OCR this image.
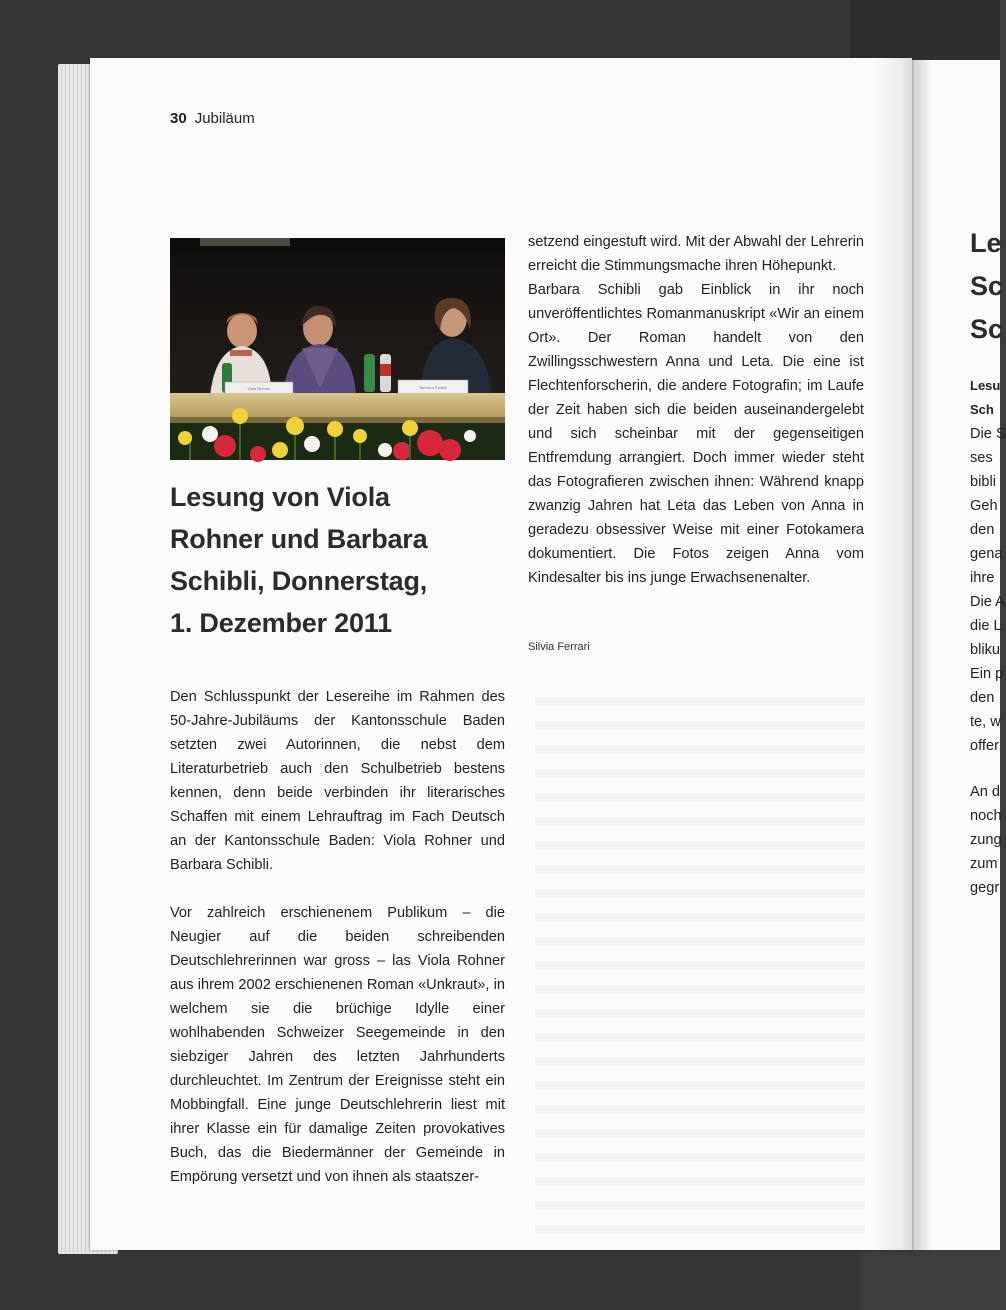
Le
Sc
Sc
Lesu
Sch
Die S
ses
bibli
Geh
den
gena
ihre
Die A
die L
bliku
Ein p
den
te, w
offer
An d
noch
zung
zum
gegr
30 Jubiläum
Viola Rohner	Barbara Schibli
Lesung von Viola
Rohner und Barbara
Schibli, Donnerstag,
1. Dezember 2011

Den Schlusspunkt der Lesereihe im Rahmen des 50-Jahre-Jubiläums der Kantonsschule Baden setzten zwei Autorinnen, die nebst dem Literaturbetrieb auch den Schulbetrieb bestens kennen, denn beide verbinden ihr literarisches Schaffen mit einem Lehrauftrag im Fach Deutsch an der Kantonsschule Baden: Viola Rohner und Barbara Schibli.

Vor zahlreich erschienenem Publikum – die Neugier auf die beiden schreibenden Deutschlehrerinnen war gross – las Viola Rohner aus ihrem 2002 erschienenen Roman «Unkraut», in welchem sie die brüchige Idylle einer wohlhabenden Schweizer Seegemeinde in den siebziger Jahren des letzten Jahrhunderts durchleuchtet. Im Zentrum der Ereignisse steht ein Mobbingfall. Eine junge Deutschlehrerin liest mit ihrer Klasse ein für damalige Zeiten provokatives Buch, das die Biedermänner der Gemeinde in Empörung versetzt und von ihnen als staatszer-

setzend eingestuft wird. Mit der Abwahl der Lehrerin erreicht die Stimmungsmache ihren Höhepunkt.

Barbara Schibli gab Einblick in ihr noch unveröffentlichtes Romanmanuskript «Wir an einem Ort». Der Roman handelt von den Zwillingsschwestern Anna und Leta. Die eine ist Flechtenforscherin, die andere Fotografin; im Laufe der Zeit haben sich die beiden auseinandergelebt und sich scheinbar mit der gegenseitigen Entfremdung arrangiert. Doch immer wieder steht das Fotografieren zwischen ihnen: Während knapp zwanzig Jahren hat Leta das Leben von Anna in geradezu obsessiver Weise mit einer Fotokamera dokumentiert. Die Fotos zeigen Anna vom Kindesalter bis ins junge Erwachsenenalter.

Silvia Ferrari
